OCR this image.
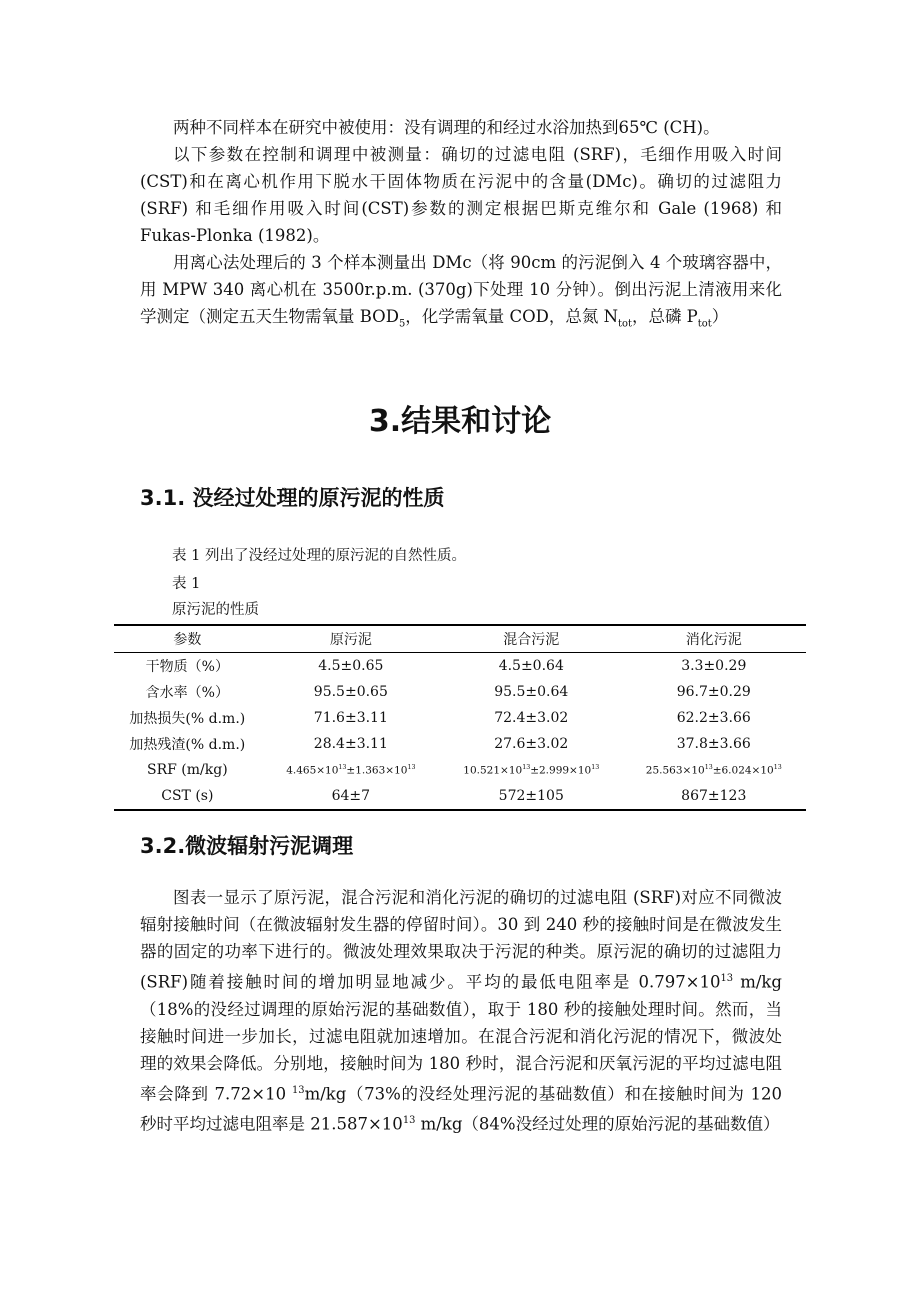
两种不同样本在研究中被使用：没有调理的和经过水浴加热到65℃ (CH)。

以下参数在控制和调理中被测量：确切的过滤电阻 (SRF)，毛细作用吸入时间(CST)和在离心机作用下脱水干固体物质在污泥中的含量(DMc)。确切的过滤阻力(SRF) 和毛细作用吸入时间(CST)参数的测定根据巴斯克维尔和 Gale (1968) 和 Fukas-Plonka (1982)。

用离心法处理后的 3 个样本测量出 DMc（将 90cm 的污泥倒入 4 个玻璃容器中，用 MPW 340 离心机在 3500r.p.m. (370g)下处理 10 分钟）。倒出污泥上清液用来化学测定（测定五天生物需氧量 $BOD_5$，化学需氧量 COD，总氮 $N_{tot}$，总磷 $P_{tot}$）

3.结果和讨论
3.1. 没经过处理的原污泥的性质
表 1 列出了没经过处理的原污泥的自然性质。
表 1
原污泥的性质
参数	原污泥	混合污泥	消化污泥
干物质（%）	4.5±0.65	4.5±0.64	3.3±0.29
含水率（%）	95.5±0.65	95.5±0.64	96.7±0.29
加热损失(% d.m.)	71.6±3.11	72.4±3.02	62.2±3.66
加热残渣(% d.m.)	28.4±3.11	27.6±3.02	37.8±3.66
SRF (m/kg)	$4.465\times 10^{13}\pm 1.363\times 10^{13}$	$10.521\times 10^{13}\pm 2.999\times 10^{13}$	$25.563\times 10^{13}\pm 6.024\times 10^{13}$
CST (s)	64±7	572±105	867±123
3.2.微波辐射污泥调理

图表一显示了原污泥，混合污泥和消化污泥的确切的过滤电阻 (SRF)对应不同微波辐射接触时间（在微波辐射发生器的停留时间）。30 到 240 秒的接触时间是在微波发生器的固定的功率下进行的。微波处理效果取决于污泥的种类。原污泥的确切的过滤阻力(SRF)随着接触时间的增加明显地减少。平均的最低电阻率是 $0.797\times 10^{13}$ m/kg（18%的没经过调理的原始污泥的基础数值），取于 180 秒的接触处理时间。然而，当接触时间进一步加长，过滤电阻就加速增加。在混合污泥和消化污泥的情况下，微波处理的效果会降低。分别地，接触时间为 180 秒时，混合污泥和厌氧污泥的平均过滤电阻率会降到 7.72×10 $^{13}$m/kg（73%的没经处理污泥的基础数值）和在接触时间为 120 秒时平均过滤电阻率是 $21.587\times 10^{13}$ m/kg（84%没经过处理的原始污泥的基础数值）
